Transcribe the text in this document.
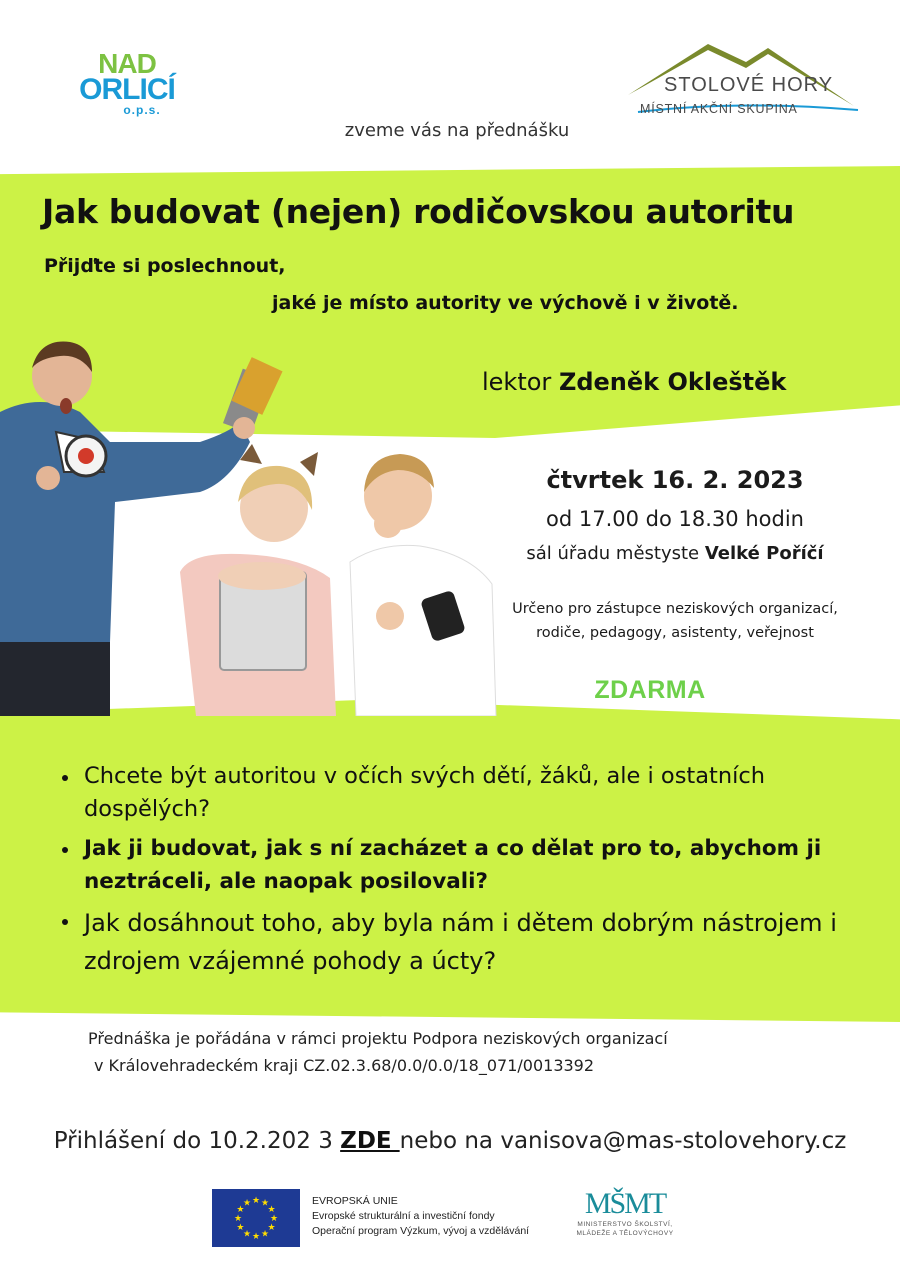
NAD
ORLICÍ
o.p.s.
STOLOVÉ HORY
MÍSTNÍ AKČNÍ SKUPINA
zveme vás na přednášku
Jak budovat (nejen) rodičovskou autoritu
Přijďte si poslechnout,
jaké je místo autority ve výchově i v životě.
lektor Zdeněk Okleštěk
čtvrtek 16. 2. 2023
od 17.00 do 18.30 hodin
sál úřadu městyste Velké Poříčí
Určeno pro zástupce neziskových organizací,
rodiče, pedagogy, asistenty, veřejnost
ZDARMA
Chcete být autoritou v očích svých dětí, žáků, ale i ostatních dospělých?
Jak ji budovat, jak s ní zacházet a co dělat pro to, abychom ji neztráceli, ale naopak posilovali?
Jak dosáhnout toho, aby byla nám i dětem dobrým nástrojem i zdrojem vzájemné pohody a úcty?
Přednáška je pořádána v rámci projektu Podpora neziskových organizací
v Královehradeckém kraji CZ.02.3.68/0.0/0.0/18_071/0013392
Přihlášení do 10.2.202 3 ZDE nebo na vanisova@mas-stolovehory.cz
★
★
★
★
★
★
★
★
★ ★ ★
★
EVROPSKÁ UNIE
Evropské strukturální a investiční fondy
Operační program Výzkum, vývoj a vzdělávání
MŠMT
MINISTERSTVO ŠKOLSTVÍ,
MLÁDEŽE A TĚLOVÝCHOVY
